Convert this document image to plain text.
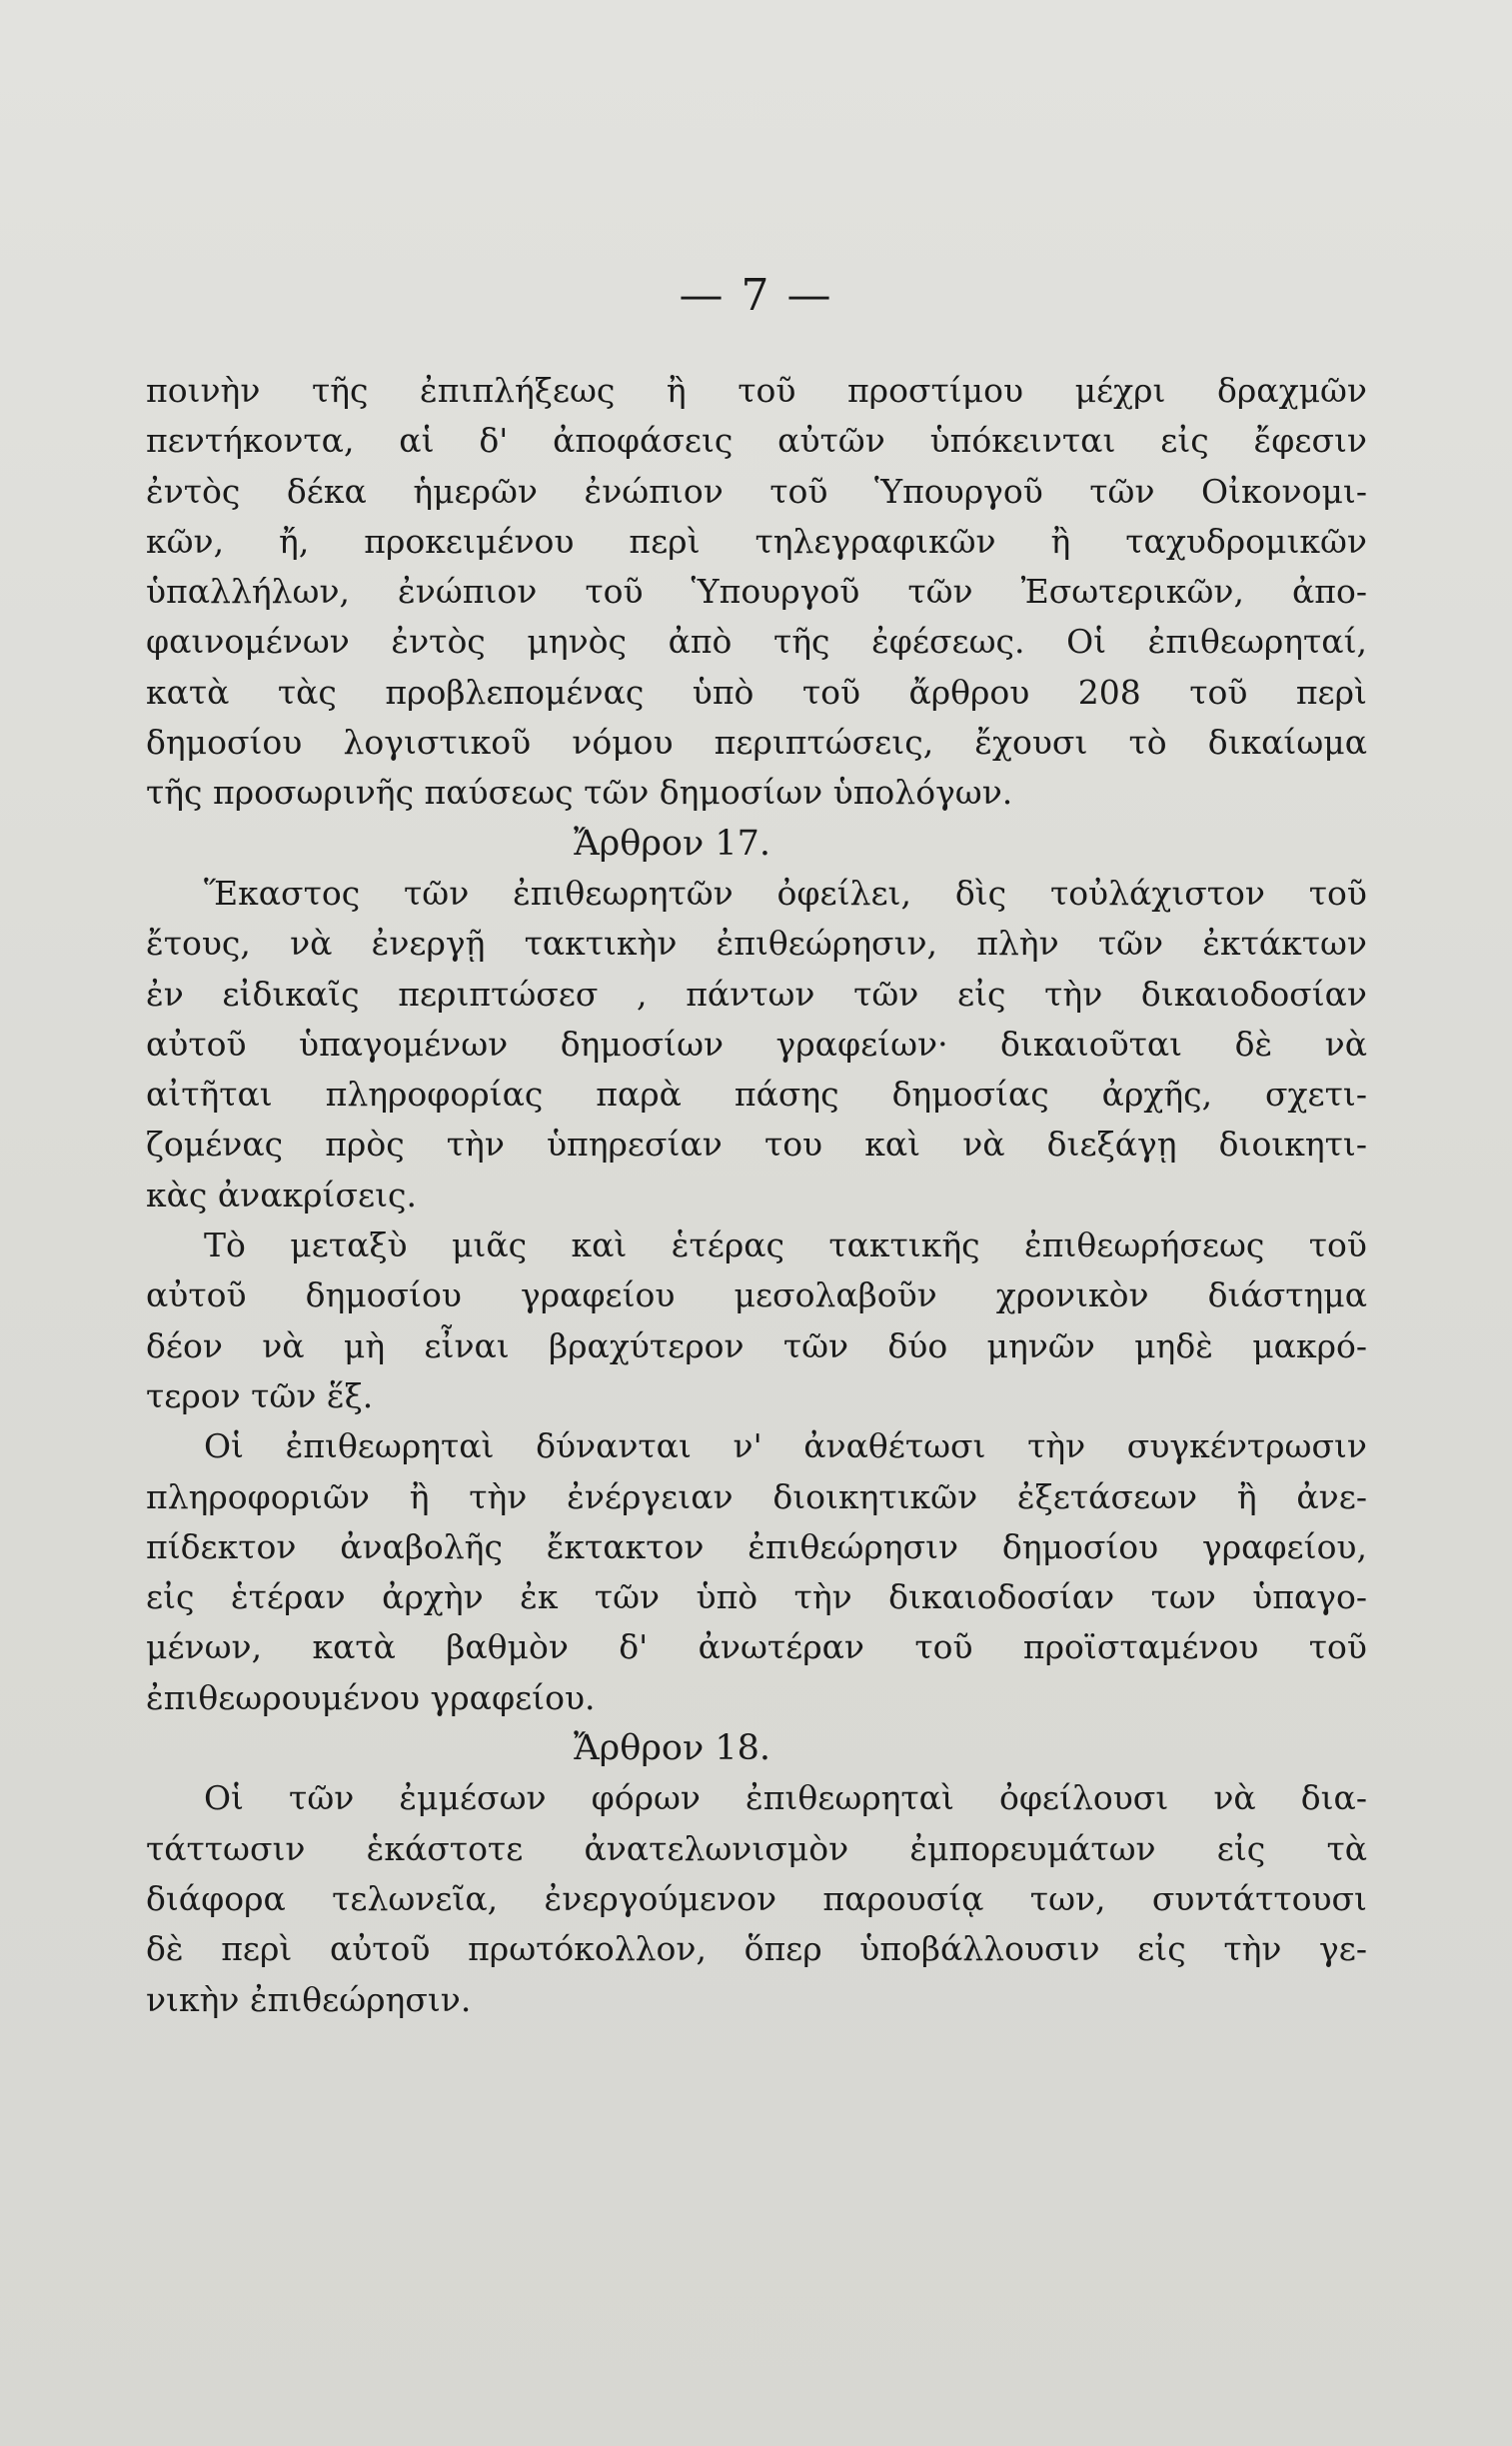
— 7 —
ποινὴν τῆς ἐπιπλήξεως ἢ τοῦ προστίμου μέχρι δραχμῶν
πεντήκοντα, αἱ δ' ἀποφάσεις αὐτῶν ὑπόκεινται εἰς ἔφεσιν
ἐντὸς δέκα ἡμερῶν ἐνώπιον τοῦ Ὑπουργοῦ τῶν Οἰκονομι-
κῶν, ἤ, προκειμένου περὶ τηλεγραφικῶν ἢ ταχυδρομικῶν
ὑπαλλήλων, ἐνώπιον τοῦ Ὑπουργοῦ τῶν Ἐσωτερικῶν, ἀπο-
φαινομένων ἐντὸς μηνὸς ἀπὸ τῆς ἐφέσεως. Οἱ ἐπιθεωρηταί,
κατὰ τὰς προβλεπομένας ὑπὸ τοῦ ἄρθρου 208 τοῦ περὶ
δημοσίου λογιστικοῦ νόμου περιπτώσεις, ἔχουσι τὸ δικαίωμα
τῆς προσωρινῆς παύσεως τῶν δημοσίων ὑπολόγων.
Ἄρθρον 17.
Ἕκαστος τῶν ἐπιθεωρητῶν ὀφείλει, δὶς τοὐλάχιστον τοῦ
ἔτους, νὰ ἐνεργῇ τακτικὴν ἐπιθεώρησιν, πλὴν τῶν ἐκτάκτων
ἐν εἰδικαῖς περιπτώσεσ , πάντων τῶν εἰς τὴν δικαιοδοσίαν
αὐτοῦ ὑπαγομένων δημοσίων γραφείων· δικαιοῦται δὲ νὰ
αἰτῆται πληροφορίας παρὰ πάσης δημοσίας ἀρχῆς, σχετι-
ζομένας πρὸς τὴν ὑπηρεσίαν του καὶ νὰ διεξάγῃ διοικητι-
κὰς ἀνακρίσεις.
Τὸ μεταξὺ μιᾶς καὶ ἑτέρας τακτικῆς ἐπιθεωρήσεως τοῦ
αὐτοῦ δημοσίου γραφείου μεσολαβοῦν χρονικὸν διάστημα
δέον νὰ μὴ εἶναι βραχύτερον τῶν δύο μηνῶν μηδὲ μακρό-
τερον τῶν ἕξ.
Οἱ ἐπιθεωρηταὶ δύνανται ν' ἀναθέτωσι τὴν συγκέντρωσιν
πληροφοριῶν ἢ τὴν ἐνέργειαν διοικητικῶν ἐξετάσεων ἢ ἀνε-
πίδεκτον ἀναβολῆς ἔκτακτον ἐπιθεώρησιν δημοσίου γραφείου,
εἰς ἑτέραν ἀρχὴν ἐκ τῶν ὑπὸ τὴν δικαιοδοσίαν των ὑπαγο-
μένων, κατὰ βαθμὸν δ' ἀνωτέραν τοῦ προϊσταμένου τοῦ
ἐπιθεωρουμένου γραφείου.
Ἄρθρον 18.
Οἱ τῶν ἐμμέσων φόρων ἐπιθεωρηταὶ ὀφείλουσι νὰ δια-
τάττωσιν ἑκάστοτε ἀνατελωνισμὸν ἐμπορευμάτων εἰς τὰ
διάφορα τελωνεῖα, ἐνεργούμενον παρουσίᾳ των, συντάττουσι
δὲ περὶ αὐτοῦ πρωτόκολλον, ὅπερ ὑποβάλλουσιν εἰς τὴν γε-
νικὴν ἐπιθεώρησιν.
